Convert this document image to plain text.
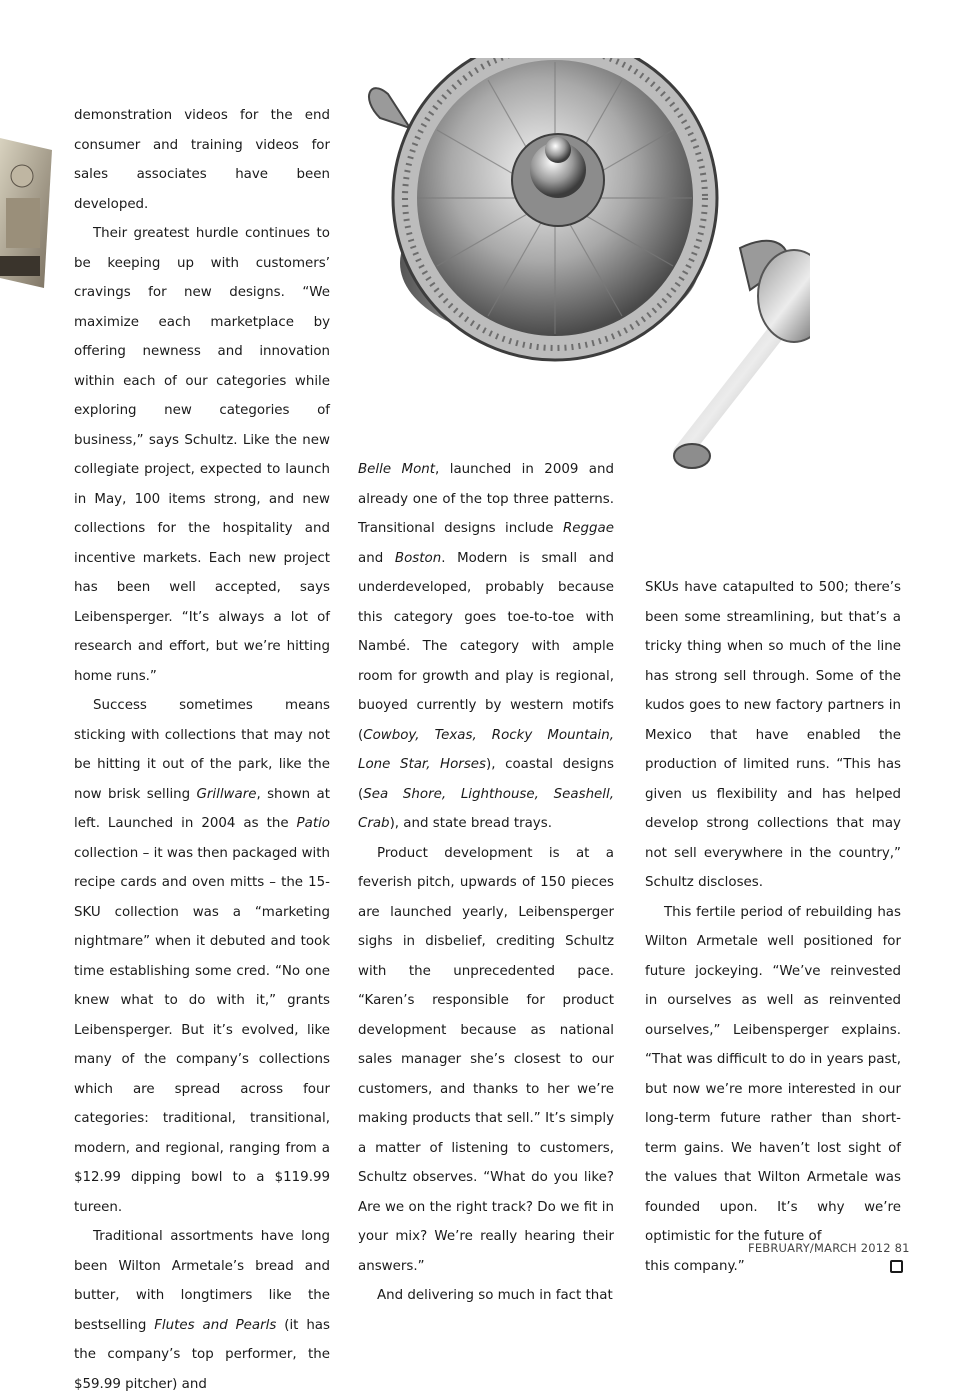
demonstration videos for the end consumer and training videos for sales associates have been developed.

Their greatest hurdle continues to be keeping up with customers’ cravings for new designs. “We maximize each marketplace by offering newness and innovation within each of our categories while exploring new categories of business,” says Schultz. Like the new collegiate project, expected to launch in May, 100 items strong, and new collections for the hospitality and incentive markets. Each new project has been well accepted, says Leibensperger. “It’s always a lot of research and effort, but we’re hitting home runs.”

Success sometimes means sticking with collections that may not be hitting it out of the park, like the now brisk selling Grillware, shown at left. Launched in 2004 as the Patio collection – it was then packaged with recipe cards and oven mitts – the 15-SKU collection was a “marketing nightmare” when it debuted and took time establishing some cred. “No one knew what to do with it,” grants Leibensperger. But it’s evolved, like many of the company’s collections which are spread across four categories: traditional, transitional, modern, and regional, ranging from a $12.99 dipping bowl to a $119.99 tureen.

Traditional assortments have long been Wilton Armetale’s bread and butter, with longtimers like the bestselling Flutes and Pearls (it has the company’s top performer, the $59.99 pitcher) and

Belle Mont, launched in 2009 and already one of the top three patterns. Transitional designs include Reggae and Boston. Modern is small and underdeveloped, probably because this category goes toe-to-toe with Nambé. The category with ample room for growth and play is regional, buoyed currently by western motifs (Cowboy, Texas, Rocky Mountain, Lone Star, Horses), coastal designs (Sea Shore, Lighthouse, Seashell, Crab), and state bread trays.

Product development is at a feverish pitch, upwards of 150 pieces are launched yearly, Leibensperger sighs in disbelief, crediting Schultz with the unprecedented pace. “Karen’s responsible for product development because as national sales manager she’s closest to our customers, and thanks to her we’re making products that sell.” It’s simply a matter of listening to customers, Schultz observes. “What do you like? Are we on the right track? Do we fit in your mix? We’re really hearing their answers.”

And delivering so much in fact that

SKUs have catapulted to 500; there’s been some streamlining, but that’s a tricky thing when so much of the line has strong sell through. Some of the kudos goes to new factory partners in Mexico that have enabled the production of limited runs. “This has given us flexibility and has helped develop strong collections that may not sell everywhere in the country,” Schultz discloses.

This fertile period of rebuilding has Wilton Armetale well positioned for future jockeying. “We’ve reinvested in ourselves as well as reinvented ourselves,” Leibensperger explains. “That was difficult to do in years past, but now we’re more interested in our long-term future rather than short-term gains. We haven’t lost sight of the values that Wilton Armetale was founded upon. It’s why we’re optimistic for the future of

this company.”

FEBRUARY/MARCH 2012 81
